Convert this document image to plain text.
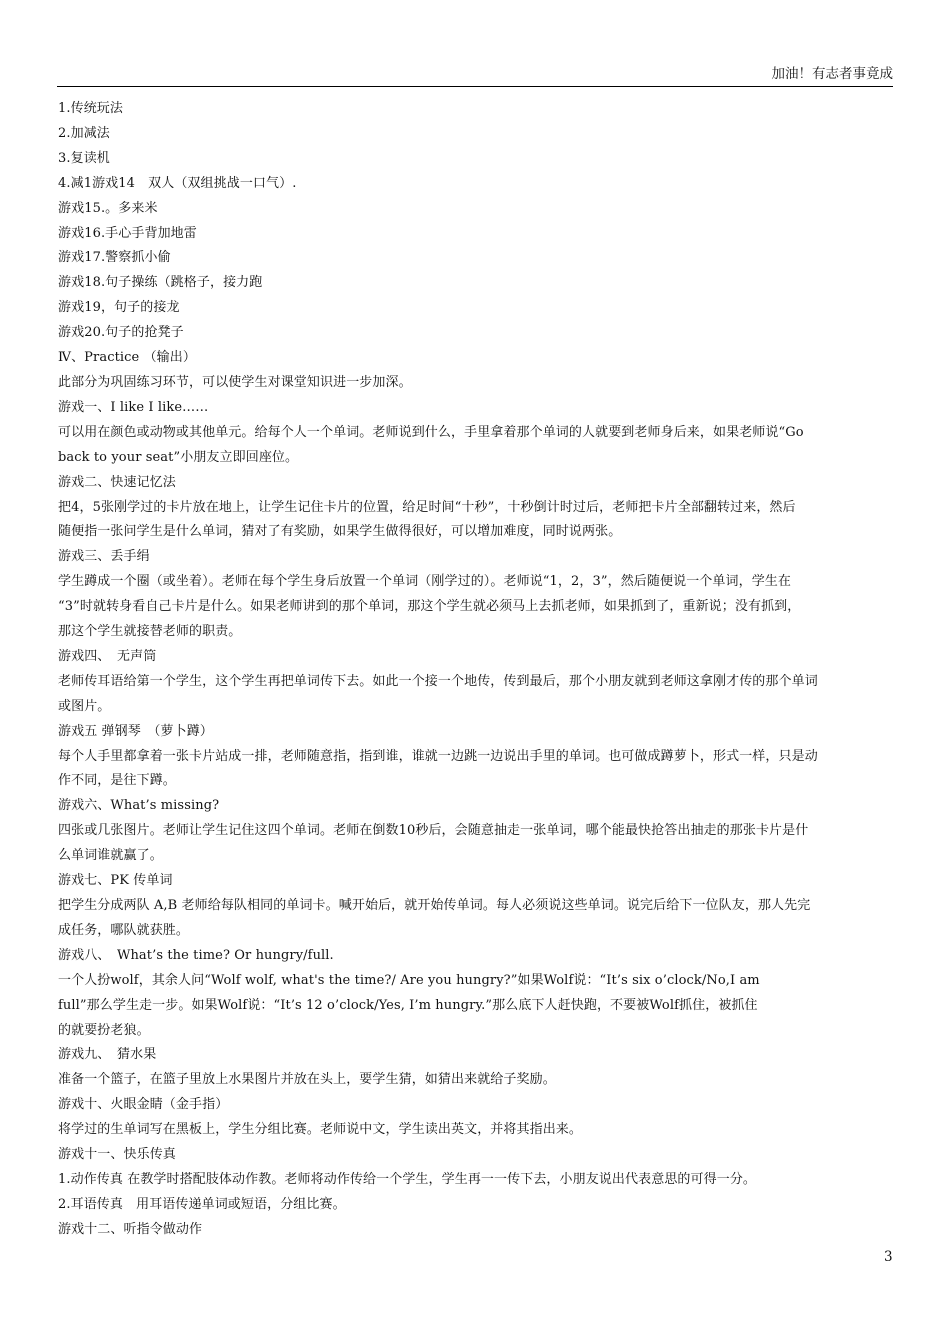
加油！有志者事竟成

1.传统玩法

2.加减法

3.复读机

4.减1游戏14　双人（双组挑战一口气）.

游戏15.。多来米

游戏16.手心手背加地雷

游戏17.警察抓小偷

游戏18.句子操练（跳格子，接力跑

游戏19，句子的接龙

游戏20.句子的抢凳子

Ⅳ、Practice （输出）

此部分为巩固练习环节，可以使学生对课堂知识进一步加深。

游戏一、I like I like……

可以用在颜色或动物或其他单元。给每个人一个单词。老师说到什么，手里拿着那个单词的人就要到老师身后来，如果老师说“Go

back to your seat”小朋友立即回座位。

游戏二、快速记忆法

把4，5张刚学过的卡片放在地上，让学生记住卡片的位置，给足时间“十秒”，十秒倒计时过后，老师把卡片全部翻转过来，然后

随便指一张问学生是什么单词，猜对了有奖励，如果学生做得很好，可以增加难度，同时说两张。

游戏三、丢手绢

学生蹲成一个圈（或坐着）。老师在每个学生身后放置一个单词（刚学过的）。老师说“1，2，3”，然后随便说一个单词，学生在

“3”时就转身看自己卡片是什么。如果老师讲到的那个单词，那这个学生就必须马上去抓老师，如果抓到了，重新说；没有抓到，

那这个学生就接替老师的职责。

游戏四、　无声筒

老师传耳语给第一个学生，这个学生再把单词传下去。如此一个接一个地传，传到最后，那个小朋友就到老师这拿刚才传的那个单词

或图片。

游戏五 弹钢琴　（萝卜蹲）

每个人手里都拿着一张卡片站成一排，老师随意指，指到谁，谁就一边跳一边说出手里的单词。也可做成蹲萝卜，形式一样，只是动

作不同，是往下蹲。

游戏六、What’s missing?

四张或几张图片。老师让学生记住这四个单词。老师在倒数10秒后，会随意抽走一张单词，哪个能最快抢答出抽走的那张卡片是什

么单词谁就赢了。

游戏七、PK 传单词

把学生分成两队 A,B 老师给每队相同的单词卡。喊开始后，就开始传单词。每人必须说这些单词。说完后给下一位队友，那人先完

成任务，哪队就获胜。

游戏八、　What’s the time? Or hungry/full.

一个人扮wolf，其余人问“Wolf wolf, what's the time?/ Are you hungry?”如果Wolf说：“It’s six o’clock/No,I am

full”那么学生走一步。如果Wolf说：“It’s 12 o’clock/Yes, I’m hungry.”那么底下人赶快跑，不要被Wolf抓住，被抓住

的就要扮老狼。

游戏九、　猜水果

准备一个篮子，在篮子里放上水果图片并放在头上，要学生猜，如猜出来就给子奖励。

游戏十、火眼金睛（金手指）

将学过的生单词写在黑板上，学生分组比赛。老师说中文，学生读出英文，并将其指出来。

游戏十一、快乐传真

1.动作传真 在教学时搭配肢体动作教。老师将动作传给一个学生，学生再一一传下去，小朋友说出代表意思的可得一分。

2.耳语传真　用耳语传递单词或短语，分组比赛。

游戏十二、听指令做动作

3
